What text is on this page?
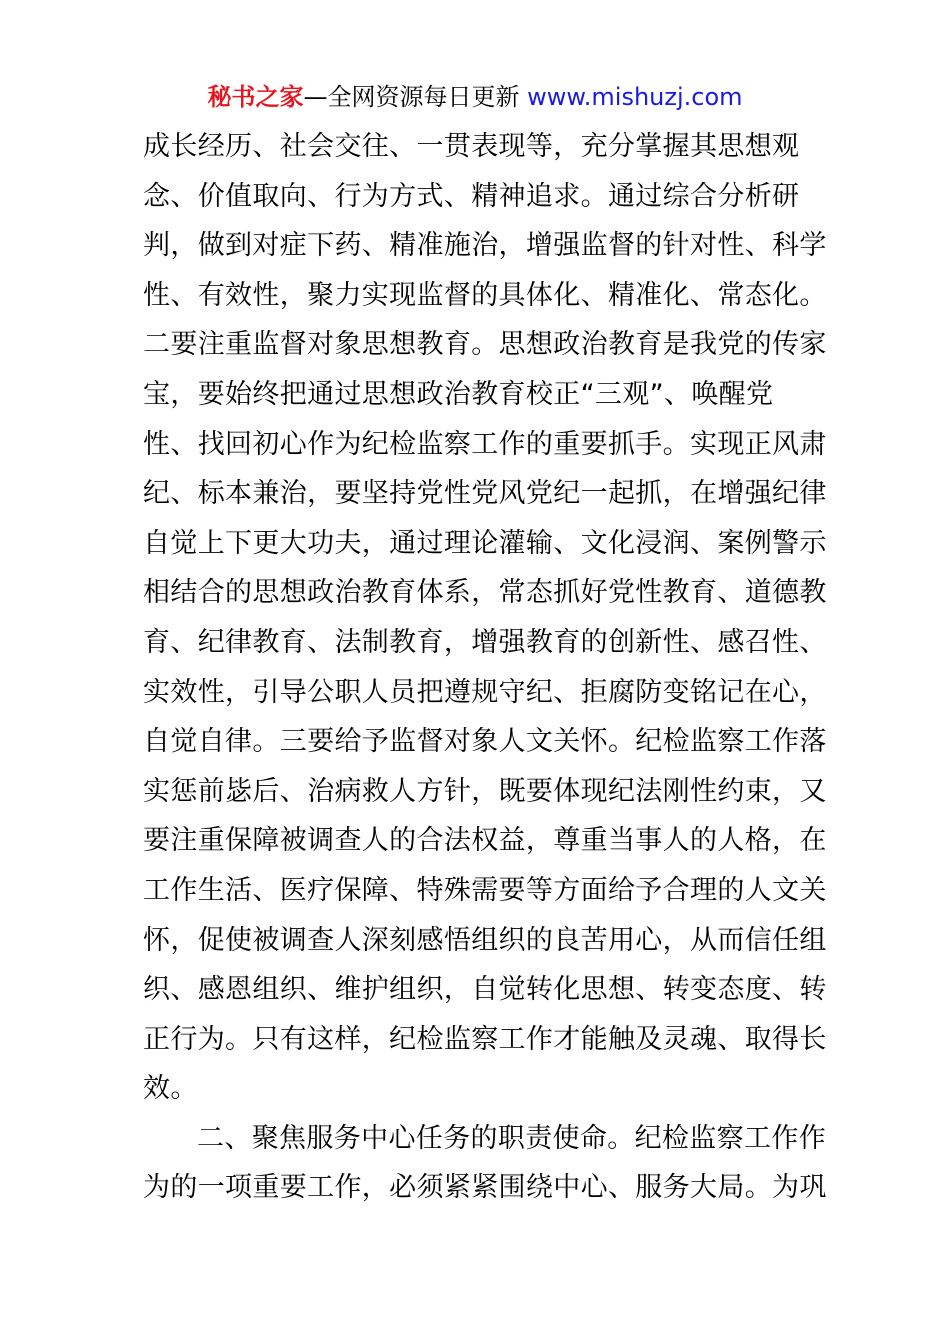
秘书之家—全网资源每日更新 www.mishuzj.com
成长经历、社会交往、一贯表现等，充分掌握其思想观
念、价值取向、行为方式、精神追求。通过综合分析研
判，做到对症下药、精准施治，增强监督的针对性、科学
性、有效性，聚力实现监督的具体化、精准化、常态化。
二要注重监督对象思想教育。思想政治教育是我党的传家
宝，要始终把通过思想政治教育校正“三观”、唤醒党
性、找回初心作为纪检监察工作的重要抓手。实现正风肃
纪、标本兼治，要坚持党性党风党纪一起抓，在增强纪律
自觉上下更大功夫，通过理论灌输、文化浸润、案例警示
相结合的思想政治教育体系，常态抓好党性教育、道德教
育、纪律教育、法制教育，增强教育的创新性、感召性、
实效性，引导公职人员把遵规守纪、拒腐防变铭记在心，
自觉自律。三要给予监督对象人文关怀。纪检监察工作落
实惩前毖后、治病救人方针，既要体现纪法刚性约束，又
要注重保障被调查人的合法权益，尊重当事人的人格，在
工作生活、医疗保障、特殊需要等方面给予合理的人文关
怀，促使被调查人深刻感悟组织的良苦用心，从而信任组
织、感恩组织、维护组织，自觉转化思想、转变态度、转
正行为。只有这样，纪检监察工作才能触及灵魂、取得长
效。
二、聚焦服务中心任务的职责使命。纪检监察工作作
为的一项重要工作，必须紧紧围绕中心、服务大局。为巩
